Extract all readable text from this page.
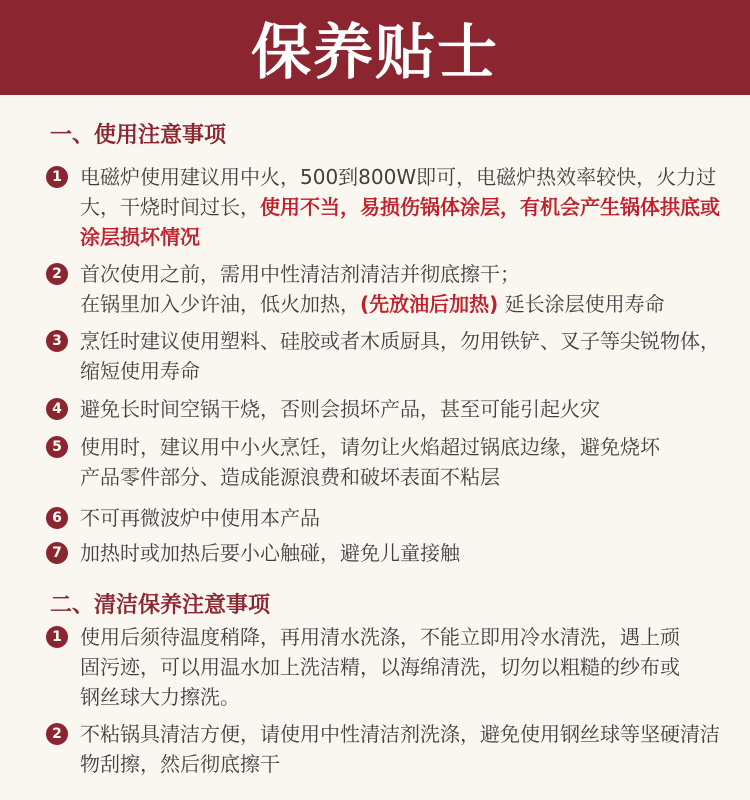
保养贴士
一、使用注意事项
1 电磁炉使用建议用中火，500到800W即可，电磁炉热效率较快，火力过大，干烧时间过长，使用不当，易损伤锅体涂层，有机会产生锅体拱底或涂层损坏情况
2 首次使用之前，需用中性清洁剂清洁并彻底擦干；
在锅里加入少许油，低火加热，(先放油后加热) 延长涂层使用寿命
3 烹饪时建议使用塑料、硅胶或者木质厨具，勿用铁铲、叉子等尖锐物体，缩短使用寿命
4 避免长时间空锅干烧，否则会损坏产品，甚至可能引起火灾
5 使用时，建议用中小火烹饪，请勿让火焰超过锅底边缘，避免烧坏产品零件部分、造成能源浪费和破坏表面不粘层
6 不可再微波炉中使用本产品
7 加热时或加热后要小心触碰，避免儿童接触
二、清洁保养注意事项
1 使用后须待温度稍降，再用清水洗涤，不能立即用冷水清洗，遇上顽固污迹，可以用温水加上洗洁精，以海绵清洗，切勿以粗糙的纱布或钢丝球大力擦洗。
2 不粘锅具清洁方便，请使用中性清洁剂洗涤，避免使用钢丝球等坚硬清洁物刮擦，然后彻底擦干
